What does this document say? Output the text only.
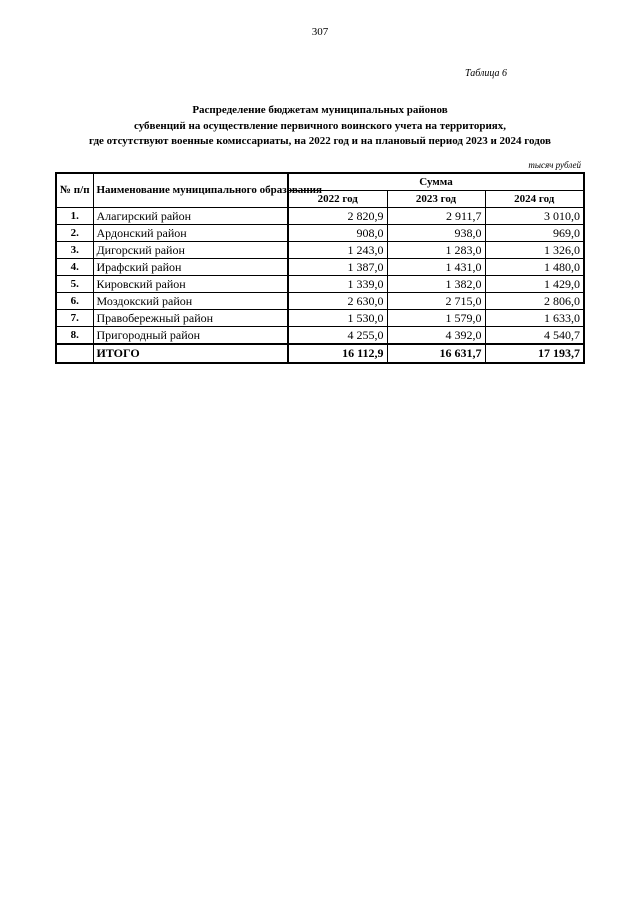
307
Таблица 6
Распределение бюджетам муниципальных районов
субвенций на осуществление первичного воинского учета на территориях,
где отсутствуют военные комиссариаты, на 2022 год и на плановый период 2023 и 2024 годов
тысяч рублей
№ п/п	Наименование муниципального образования	Сумма		
		2022 год	2023 год	2024 год
1.	Алагирский район	2 820,9	2 911,7	3 010,0
2.	Ардонский район	908,0	938,0	969,0
3.	Дигорский район	1 243,0	1 283,0	1 326,0
4.	Ирафский район	1 387,0	1 431,0	1 480,0
5.	Кировский район	1 339,0	1 382,0	1 429,0
6.	Моздокский район	2 630,0	2 715,0	2 806,0
7.	Правобережный район	1 530,0	1 579,0	1 633,0
8.	Пригородный район	4 255,0	4 392,0	4 540,7
	ИТОГО	16 112,9	16 631,7	17 193,7
